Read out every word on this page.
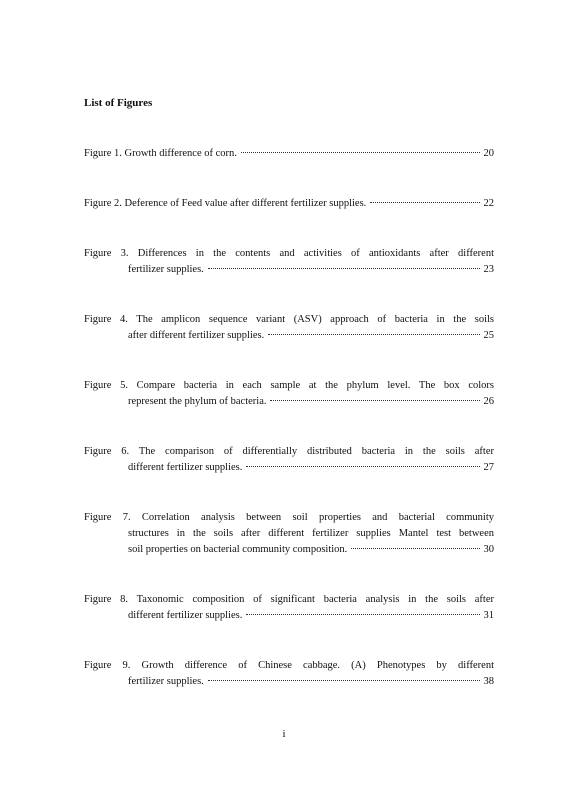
List of Figures
Figure 1. Growth difference of corn.	20
Figure 2. Deference of Feed value after different fertilizer supplies.	22
Figure 3. Differences in the contents and activities of antioxidants after different
fertilizer supplies.	23
Figure 4. The amplicon sequence variant (ASV) approach of bacteria in the soils
after different fertilizer supplies.	25
Figure 5. Compare bacteria in each sample at the phylum level. The box colors
represent the phylum of bacteria.	26
Figure 6. The comparison of differentially distributed bacteria in the soils after
different fertilizer supplies.	27
Figure 7. Correlation analysis between soil properties and bacterial community
structures in the soils after different fertilizer supplies Mantel test between
soil properties on bacterial community composition.	30
Figure 8. Taxonomic composition of significant bacteria analysis in the soils after
different fertilizer supplies.	31
Figure 9. Growth difference of Chinese cabbage. (A) Phenotypes by different
fertilizer supplies.	38
i
